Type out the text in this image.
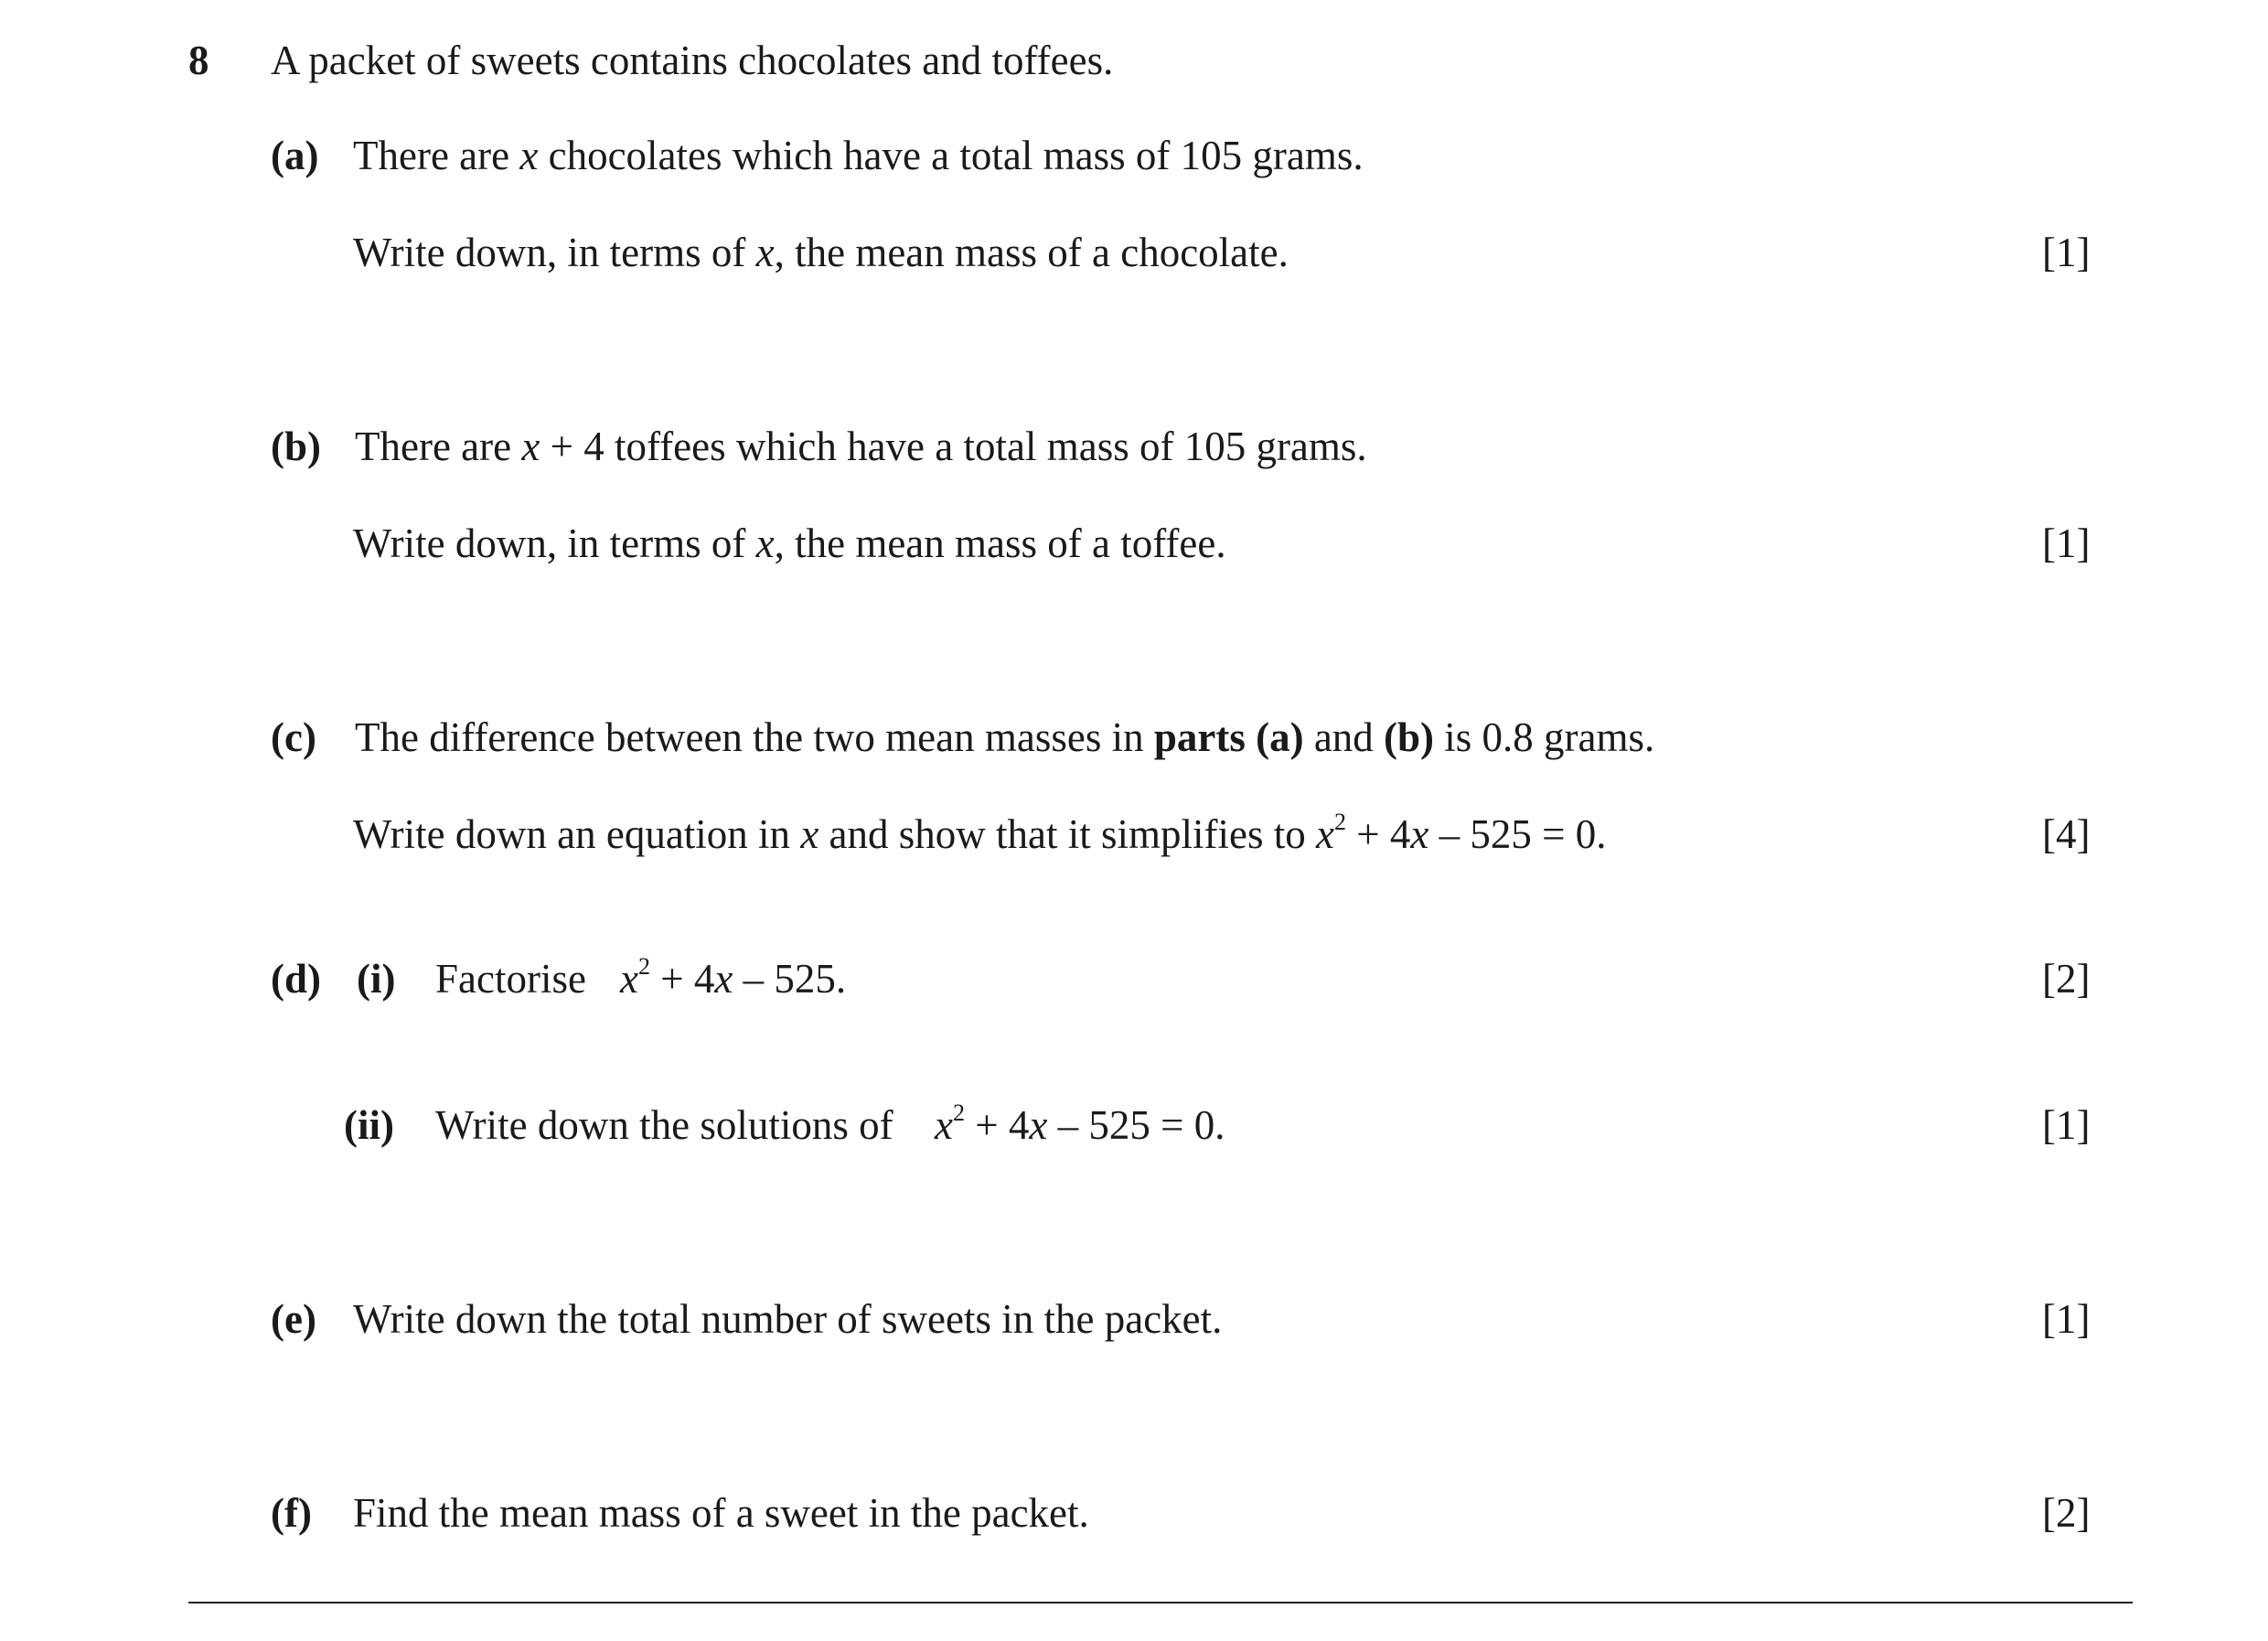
8 A packet of sweets contains chocolates and toffees.
(a) There are x chocolates which have a total mass of 105 grams.
Write down, in terms of x, the mean mass of a chocolate.	[1]
(b) There are x + 4 toffees which have a total mass of 105 grams.
Write down, in terms of x, the mean mass of a toffee.	[1]
(c) The difference between the two mean masses in parts (a) and (b) is 0.8 grams.
Write down an equation in x and show that it simplifies to $x^2 + 4x - 525 = 0$.	[4]
(d) (i) Factorise $x^2 + 4x - 525$.	[2]
(ii) Write down the solutions of $x^2 + 4x - 525 = 0$.	[1]
(e) Write down the total number of sweets in the packet.	[1]
(f) Find the mean mass of a sweet in the packet.	[2]
